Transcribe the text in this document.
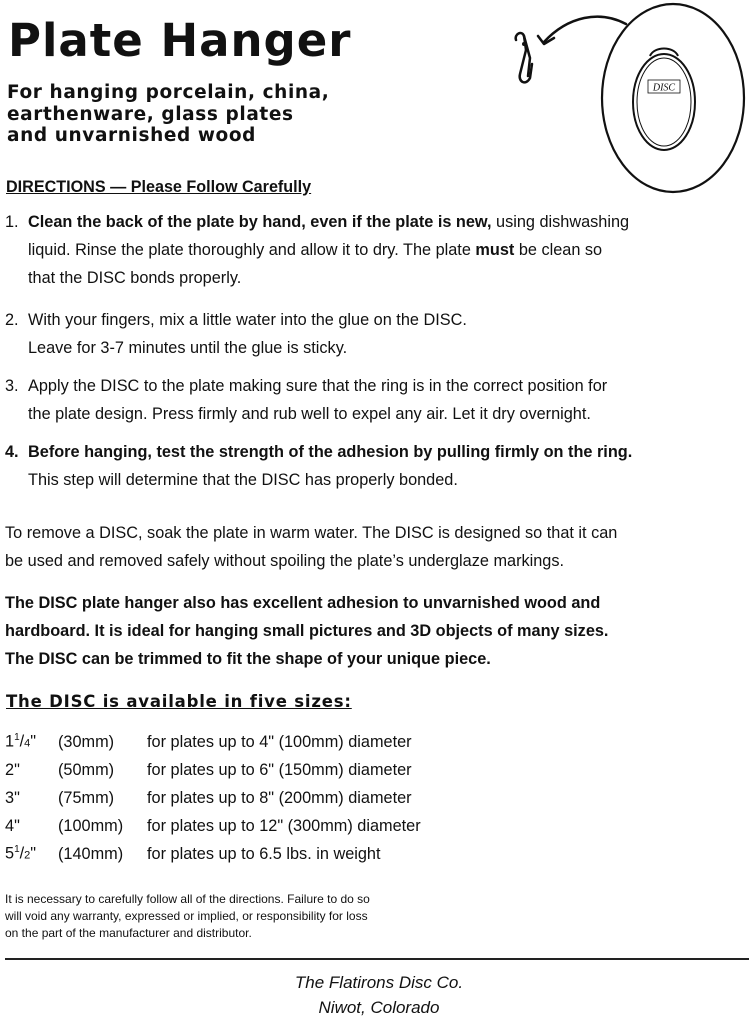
Plate Hanger
For hanging porcelain, china,
earthenware, glass plates
and unvarnished wood
DISC
DIRECTIONS — Please Follow Carefully
1. Clean the back of the plate by hand, even if the plate is new, using dishwashing
liquid. Rinse the plate thoroughly and allow it to dry. The plate must be clean so
that the DISC bonds properly.
2. With your fingers, mix a little water into the glue on the DISC.
Leave for 3-7 minutes until the glue is sticky.
3. Apply the DISC to the plate making sure that the ring is in the correct position for
the plate design. Press firmly and rub well to expel any air. Let it dry overnight.
4. Before hanging, test the strength of the adhesion by pulling firmly on the ring.
This step will determine that the DISC has properly bonded.
To remove a DISC, soak the plate in warm water. The DISC is designed so that it can
be used and removed safely without spoiling the plate’s underglaze markings.
The DISC plate hanger also has excellent adhesion to unvarnished wood and
hardboard. It is ideal for hanging small pictures and 3D objects of many sizes.
The DISC can be trimmed to fit the shape of your unique piece.
The DISC is available in five sizes:
$1^1/4$"	(30mm)	for plates up to 4" (100mm) diameter
2"	(50mm)	for plates up to 6" (150mm) diameter
3"	(75mm)	for plates up to 8" (200mm) diameter
4"	(100mm)	for plates up to 12" (300mm) diameter
$5^1/2$"	(140mm)	for plates up to 6.5 lbs. in weight
It is necessary to carefully follow all of the directions. Failure to do so
will void any warranty, expressed or implied, or responsibility for loss
on the part of the manufacturer and distributor.
The Flatirons Disc Co.
Niwot, Colorado
